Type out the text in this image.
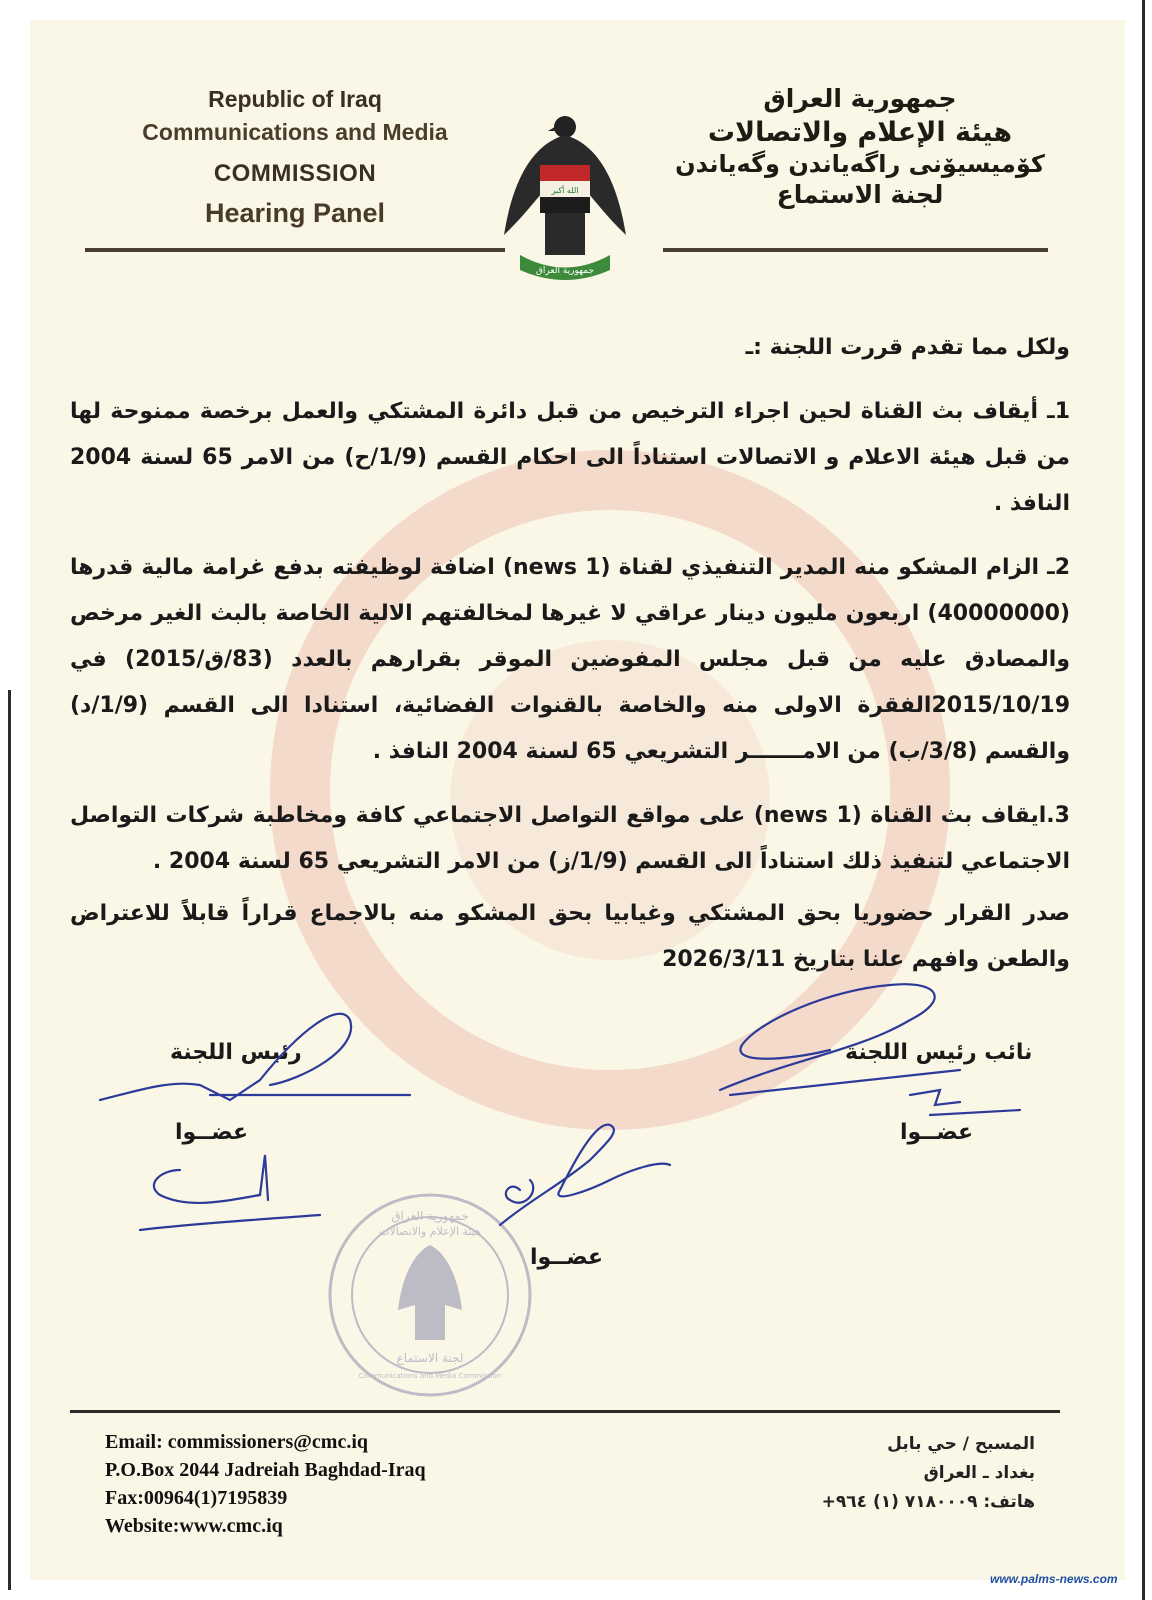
Republic of Iraq
Communications and Media
COMMISSION
Hearing Panel
الله أكبر
جمهورية العراق
جمهورية العراق
هيئة الإعلام والاتصالات
كۆمیسیۆنی راگەیاندن وگەیاندن
لجنة الاستماع

ولكل مما تقدم قررت اللجنة :ـ

1ـ أيقاف بث القناة لحين اجراء الترخيص من قبل دائرة المشتكي والعمل برخصة ممنوحة لها من قبل هيئة الاعلام و الاتصالات استناداً الى احكام القسم (1/9/ح) من الامر 65 لسنة 2004 النافذ .

2ـ الزام المشكو منه المدير التنفيذي لقناة (1 news) اضافة لوظيفته بدفع غرامة مالية قدرها (40000000) اربعون مليون دينار عراقي لا غيرها لمخالفتهم الالية الخاصة بالبث الغير مرخص والمصادق عليه من قبل مجلس المفوضين الموقر بقرارهم بالعدد (83/ق/2015) في 2015/10/19الفقرة الاولى منه والخاصة بالقنوات الفضائية، استنادا الى القسم (1/9/د) والقسم (3/8/ب) من الامـــــــر التشريعي 65 لسنة 2004 النافذ .

3.ايقاف بث القناة (1 news) على مواقع التواصل الاجتماعي كافة ومخاطبة شركات التواصل الاجتماعي لتنفيذ ذلك استناداً الى القسم (1/9/ز) من الامر التشريعي 65 لسنة 2004 .

صدر القرار حضوريا بحق المشتكي وغيابيا بحق المشكو منه بالاجماع قراراً قابلاً للاعتراض والطعن وافهم علنا بتاريخ 2026/3/11

نائب رئيس اللجنة
رئيس اللجنة
عضــوا
عضــوا
عضــوا
جمهورية العراق
هيئة الإعلام والاتصالات
Communications and Media Commission
لجنة الاستماع
Email: commissioners@cmc.iq
P.O.Box 2044 Jadreiah Baghdad-Iraq
Fax:00964(1)7195839
Website:www.cmc.iq
المسبح / حي بابل
بغداد ـ العراق
هاتف: ٧١٨٠٠٠٩ (١) ٩٦٤+
www.palms-news.com
